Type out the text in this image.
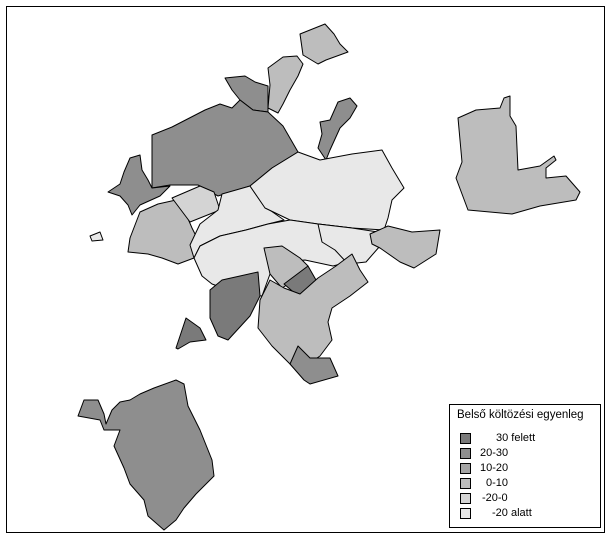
Belső költözési egyenleg
30 felett
20-30
10-20
0-10
-20-0
-20 alatt
